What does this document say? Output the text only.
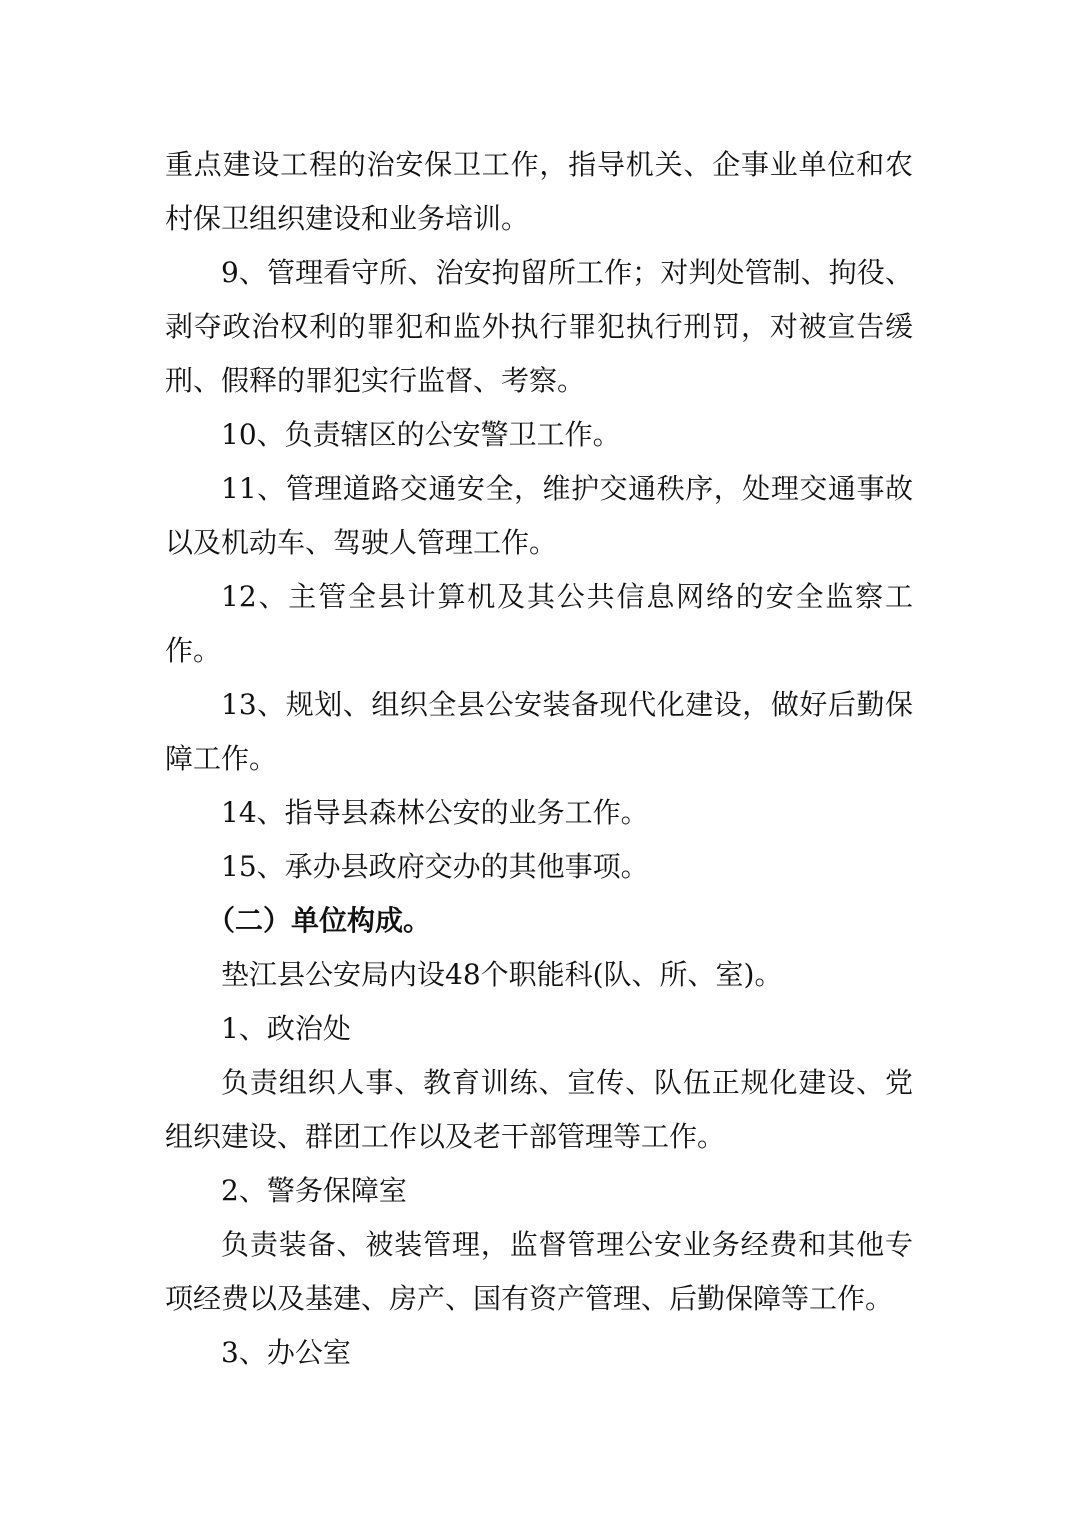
重点建设工程的治安保卫工作，指导机关、企事业单位和农村保卫组织建设和业务培训。

9、管理看守所、治安拘留所工作；对判处管制、拘役、剥夺政治权利的罪犯和监外执行罪犯执行刑罚，对被宣告缓刑、假释的罪犯实行监督、考察。

10、负责辖区的公安警卫工作。

11、管理道路交通安全，维护交通秩序，处理交通事故以及机动车、驾驶人管理工作。

12、主管全县计算机及其公共信息网络的安全监察工作。

13、规划、组织全县公安装备现代化建设，做好后勤保障工作。

14、指导县森林公安的业务工作。

15、承办县政府交办的其他事项。

（二）单位构成。

垫江县公安局内设48个职能科(队、所、室)。

1、政治处

负责组织人事、教育训练、宣传、队伍正规化建设、党组织建设、群团工作以及老干部管理等工作。

2、警务保障室

负责装备、被装管理，监督管理公安业务经费和其他专项经费以及基建、房产、国有资产管理、后勤保障等工作。

3、办公室
